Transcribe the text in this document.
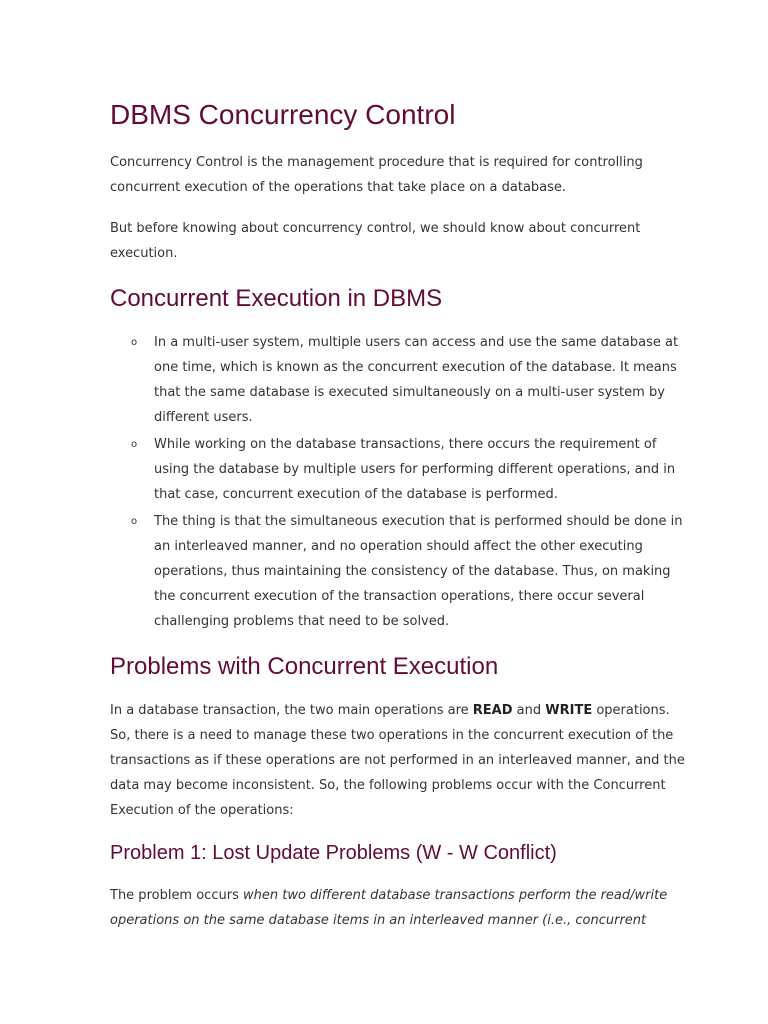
DBMS Concurrency Control

Concurrency Control is the management procedure that is required for controlling concurrent execution of the operations that take place on a database.

But before knowing about concurrency control, we should know about concurrent execution.

Concurrent Execution in DBMS
o In a multi-user system, multiple users can access and use the same database at one time, which is known as the concurrent execution of the database. It means that the same database is executed simultaneously on a multi-user system by different users.
o While working on the database transactions, there occurs the requirement of using the database by multiple users for performing different operations, and in that case, concurrent execution of the database is performed.
o The thing is that the simultaneous execution that is performed should be done in an interleaved manner, and no operation should affect the other executing operations, thus maintaining the consistency of the database. Thus, on making the concurrent execution of the transaction operations, there occur several challenging problems that need to be solved.
Problems with Concurrent Execution

In a database transaction, the two main operations are READ and WRITE operations. So, there is a need to manage these two operations in the concurrent execution of the transactions as if these operations are not performed in an interleaved manner, and the data may become inconsistent. So, the following problems occur with the Concurrent Execution of the operations:

Problem 1: Lost Update Problems (W - W Conflict)

The problem occurs when two different database transactions perform the read/write operations on the same database items in an interleaved manner (i.e., concurrent
